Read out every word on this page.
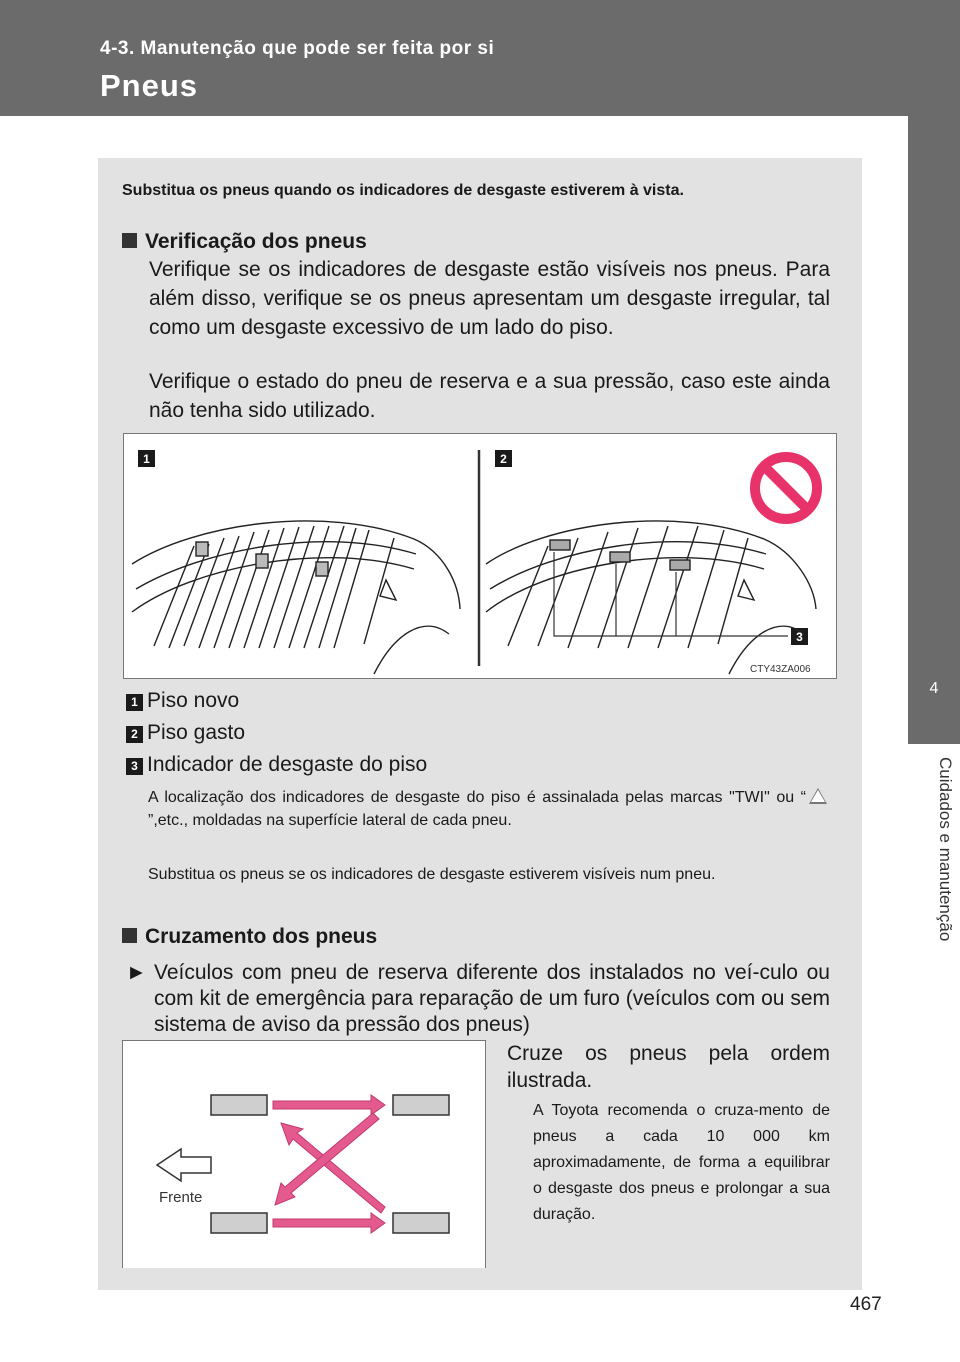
4-3. Manutenção que pode ser feita por si
Pneus
4
Cuidados e manutenção
Substitua os pneus quando os indicadores de desgaste estiverem à vista.
Verificação dos pneus
Verifique se os indicadores de desgaste estão visíveis nos pneus. Para além disso, verifique se os pneus apresentam um desgaste irregular, tal como um desgaste excessivo de um lado do piso.
Verifique o estado do pneu de reserva e a sua pressão, caso este ainda não tenha sido utilizado.
1	2
3
CTY43ZA006
1 Piso novo
2 Piso gasto
3 Indicador de desgaste do piso
A localização dos indicadores de desgaste do piso é assinalada pelas marcas "TWI" ou “”,etc., moldadas na superfície lateral de cada pneu.
Substitua os pneus se os indicadores de desgaste estiverem visíveis num pneu.
Cruzamento dos pneus
► Veículos com pneu de reserva diferente dos instalados no veí-culo ou com kit de emergência para reparação de um furo (veículos com ou sem sistema de aviso da pressão dos pneus)
Frente
Cruze os pneus pela ordem ilustrada.
A Toyota recomenda o cruza-mento de pneus a cada 10 000 km aproximadamente, de forma a equilibrar o desgaste dos pneus e prolongar a sua duração.
467
